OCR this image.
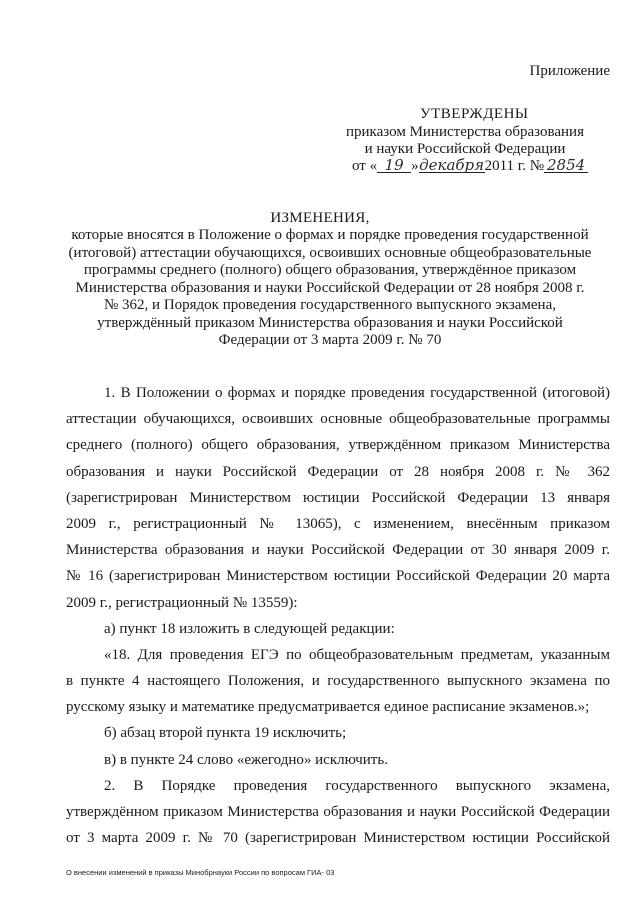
Приложение
УТВЕРЖДЕНЫ
приказом Министерства образования
и науки Российской Федерации
от « 19 »декабря2011 г. № 2854
ИЗМЕНЕНИЯ,
которые вносятся в Положение о формах и порядке проведения государственной
(итоговой) аттестации обучающихся, освоивших основные общеобразовательные
программы среднего (полного) общего образования, утверждённое приказом
Министерства образования и науки Российской Федерации от 28 ноября 2008 г.
№ 362, и Порядок проведения государственного выпускного экзамена,
утверждённый приказом Министерства образования и науки Российской
Федерации от 3 марта 2009 г. № 70
1. В Положении о формах и порядке проведения государственной (итоговой)
аттестации обучающихся, освоивших основные общеобразовательные программы
среднего (полного) общего образования, утверждённом приказом Министерства
образования и науки Российской Федерации от 28 ноября 2008 г. № 362
(зарегистрирован Министерством юстиции Российской Федерации 13 января
2009 г., регистрационный № 13065), с изменением, внесённым приказом
Министерства образования и науки Российской Федерации от 30 января 2009 г.
№ 16 (зарегистрирован Министерством юстиции Российской Федерации 20 марта
2009 г., регистрационный № 13559):
а) пункт 18 изложить в следующей редакции:
«18. Для проведения ЕГЭ по общеобразовательным предметам, указанным
в пункте 4 настоящего Положения, и государственного выпускного экзамена по
русскому языку и математике предусматривается единое расписание экзаменов.»;
б) абзац второй пункта 19 исключить;
в) в пункте 24 слово «ежегодно» исключить.
2. В Порядке проведения государственного выпускного экзамена,
утверждённом приказом Министерства образования и науки Российской Федерации
от 3 марта 2009 г. № 70 (зарегистрирован Министерством юстиции Российской
О внесении изменений в приказы Минобрнауки России по вопросам ГИА- 03
